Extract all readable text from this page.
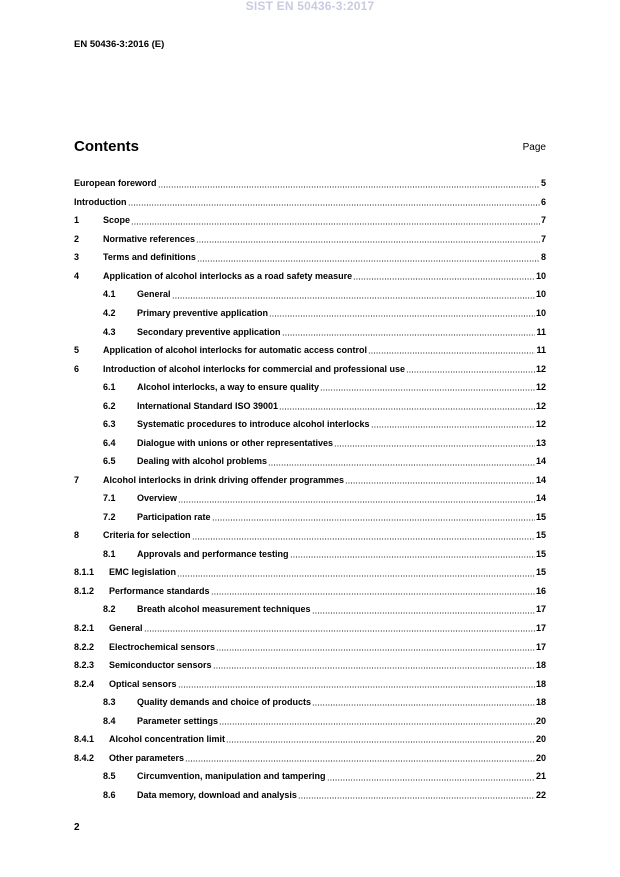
SIST EN 50436-3:2017
EN 50436-3:2016 (E)
Contents	Page
European foreword	5
Introduction	6
1	Scope	7
2	Normative references	7
3	Terms and definitions	8
4	Application of alcohol interlocks as a road safety measure	10
4.1	General	10
4.2	Primary preventive application	10
4.3	Secondary preventive application	11
5	Application of alcohol interlocks for automatic access control	11
6	Introduction of alcohol interlocks for commercial and professional use	12
6.1	Alcohol interlocks, a way to ensure quality	12
6.2	International Standard ISO 39001	12
6.3	Systematic procedures to introduce alcohol interlocks	12
6.4	Dialogue with unions or other representatives	13
6.5	Dealing with alcohol problems	14
7	Alcohol interlocks in drink driving offender programmes	14
7.1	Overview	14
7.2	Participation rate	15
8	Criteria for selection	15
8.1	Approvals and performance testing	15
8.1.1	EMC legislation	15
8.1.2	Performance standards	16
8.2	Breath alcohol measurement techniques	17
8.2.1	General	17
8.2.2	Electrochemical sensors	17
8.2.3	Semiconductor sensors	18
8.2.4	Optical sensors	18
8.3	Quality demands and choice of products	18
8.4	Parameter settings	20
8.4.1	Alcohol concentration limit	20
8.4.2	Other parameters	20
8.5	Circumvention, manipulation and tampering	21
8.6	Data memory, download and analysis	22
2
